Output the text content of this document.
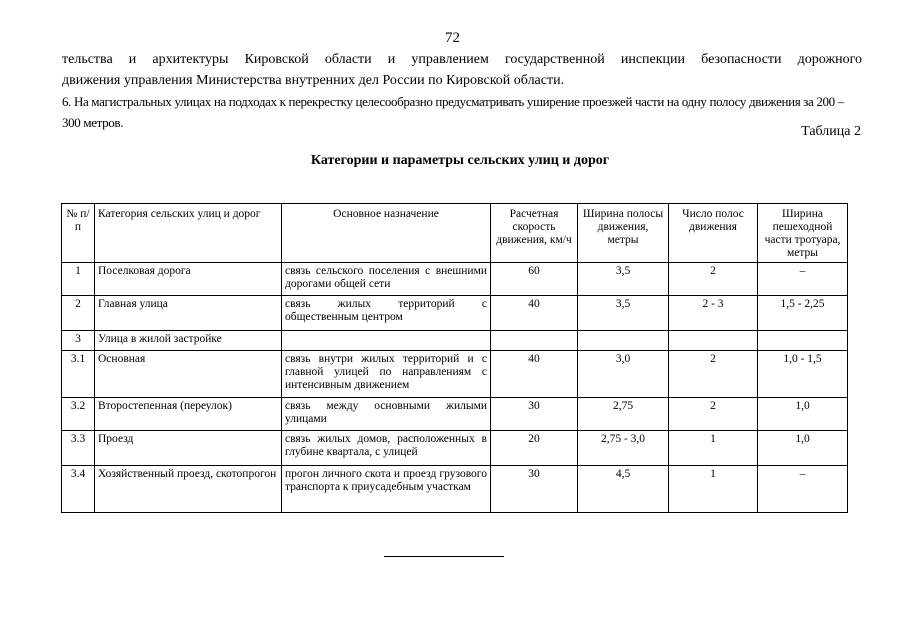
72
тельства и архитектуры Кировской области и управлением государственной инспекции безопасности дорожного
движения управления Министерства внутренних дел России по Кировской области.
6. На магистральных улицах на подходах к перекрестку целесообразно предусматривать уширение проезжей части на одну полосу движения за 200 – 300 метров.
Таблица 2
Категории и параметры сельских улиц и дорог
№ п/п	Категория сельских улиц и дорог	Основное назначение	Расчетная скорость движения, км/ч	Ширина полосы движения, метры	Число полос движения	Ширина пешеходной части тротуара, метры
1	Поселковая дорога	связь сельского поселения с внешними дорогами общей сети	60	3,5	2	–
2	Главная улица	связь жилых территорий с общественным центром	40	3,5	2 - 3	1,5 - 2,25
3	Улица в жилой застройке					
3.1	Основная	связь внутри жилых территорий и с главной улицей по направлениям с интенсивным движением	40	3,0	2	1,0 - 1,5
3.2	Второстепенная (переулок)	связь между основными жилыми улицами	30	2,75	2	1,0
3.3	Проезд	связь жилых домов, расположенных в глубине квартала, с улицей	20	2,75 - 3,0	1	1,0
3.4	Хозяйственный проезд, скотопрогон	прогон личного скота и проезд грузового транспорта к приусадебным участкам	30	4,5	1	–
